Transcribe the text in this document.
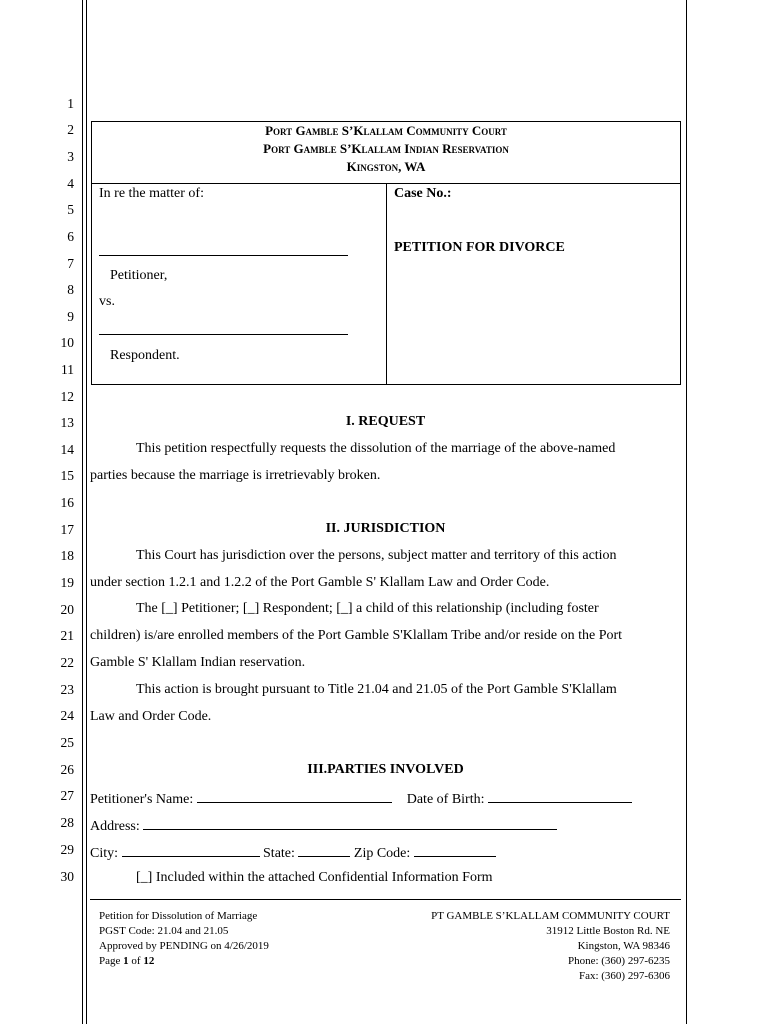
1
2
3
4
5
6
7
8
9
10
11
12
13
14
15
16
17
18
19
20
21
22
23
24
25
26
27
28
29
30
Port Gamble S’Klallam Community Court
Port Gamble S’Klallam Indian Reservation
Kingston, WA
In re the matter of:	Case No.:
Petitioner,
vs.
Respondent.
PETITION FOR DIVORCE
I. REQUEST
This petition respectfully requests the dissolution of the marriage of the above-named
parties because the marriage is irretrievably broken.
II. JURISDICTION
This Court has jurisdiction over the persons, subject matter and territory of this action
under section 1.2.1 and 1.2.2 of the Port Gamble S' Klallam Law and Order Code.
The [_] Petitioner; [_] Respondent; [_] a child of this relationship (including foster
children) is/are enrolled members of the Port Gamble S'Klallam Tribe and/or reside on the Port
Gamble S' Klallam Indian reservation.
This action is brought pursuant to Title 21.04 and 21.05 of the Port Gamble S'Klallam
Law and Order Code.
III.PARTIES INVOLVED
Petitioner's Name:	Date of Birth:
Address:
City:	State:	Zip Code:
[_] Included within the attached Confidential Information Form
Petition for Dissolution of Marriage
PGST Code: 21.04 and 21.05
Approved by PENDING on 4/26/2019
Page 1 of 12
PT GAMBLE S’KLALLAM COMMUNITY COURT
31912 Little Boston Rd. NE
Kingston, WA 98346
Phone: (360) 297-6235
Fax: (360) 297-6306
